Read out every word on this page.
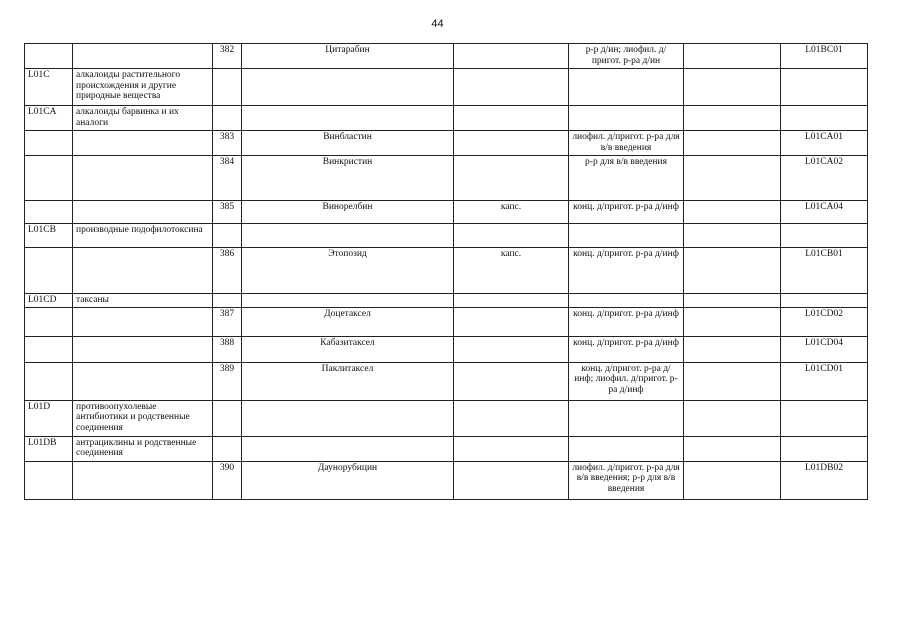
44
		382	Цитарабин		р-р д/ин; лиофил. д/пригот. р-ра д/ин		L01BC01
L01C	алкалоиды растительного происхождения и другие природные вещества						
L01CA	алкалоиды барвинка и их аналоги						
		383	Винбластин		лиофил. д/пригот. р-ра для в/в введения		L01CA01
		384	Винкристин		р-р для в/в введения		L01CA02
		385	Винорелбин	капс.	конц. д/пригот. р-ра д/инф		L01CA04
L01CB	производные подофилотоксина						
		386	Этопозид	капс.	конц. д/пригот. р-ра д/инф		L01CB01
L01CD	таксаны						
		387	Доцетаксел		конц. д/пригот. р-ра д/инф		L01CD02
		388	Кабазитаксел		конц. д/пригот. р-ра д/инф		L01CD04
		389	Паклитаксел		конц. д/пригот. р-ра д/инф; лиофил. д/пригот. р-ра д/инф		L01CD01
L01D	противоопухолевые антибиотики и родственные соединения						
L01DB	антрациклины и родственные соединения						
		390	Даунорубицин		лиофил. д/пригот. р-ра для в/в введения; р-р для в/в введения		L01DB02
